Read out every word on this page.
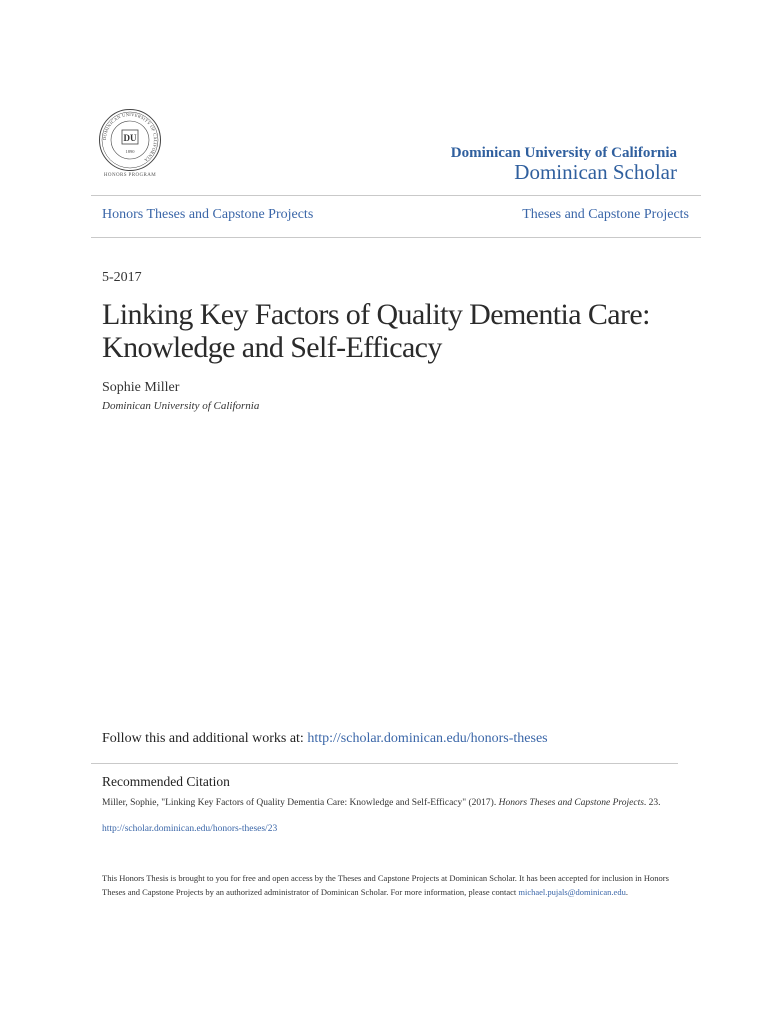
DOMINICAN UNIVERSITY OF CALIFORNIA
DU
1890
HONORS PROGRAM
Dominican University of California
Dominican Scholar
Honors Theses and Capstone Projects	Theses and Capstone Projects
5-2017
Linking Key Factors of Quality Dementia Care: Knowledge and Self-Efficacy
Sophie Miller
Dominican University of California
Follow this and additional works at: http://scholar.dominican.edu/honors-theses
Recommended Citation
Miller, Sophie, "Linking Key Factors of Quality Dementia Care: Knowledge and Self-Efficacy" (2017). Honors Theses and Capstone Projects. 23.
http://scholar.dominican.edu/honors-theses/23
This Honors Thesis is brought to you for free and open access by the Theses and Capstone Projects at Dominican Scholar. It has been accepted for inclusion in Honors Theses and Capstone Projects by an authorized administrator of Dominican Scholar. For more information, please contact michael.pujals@dominican.edu.
